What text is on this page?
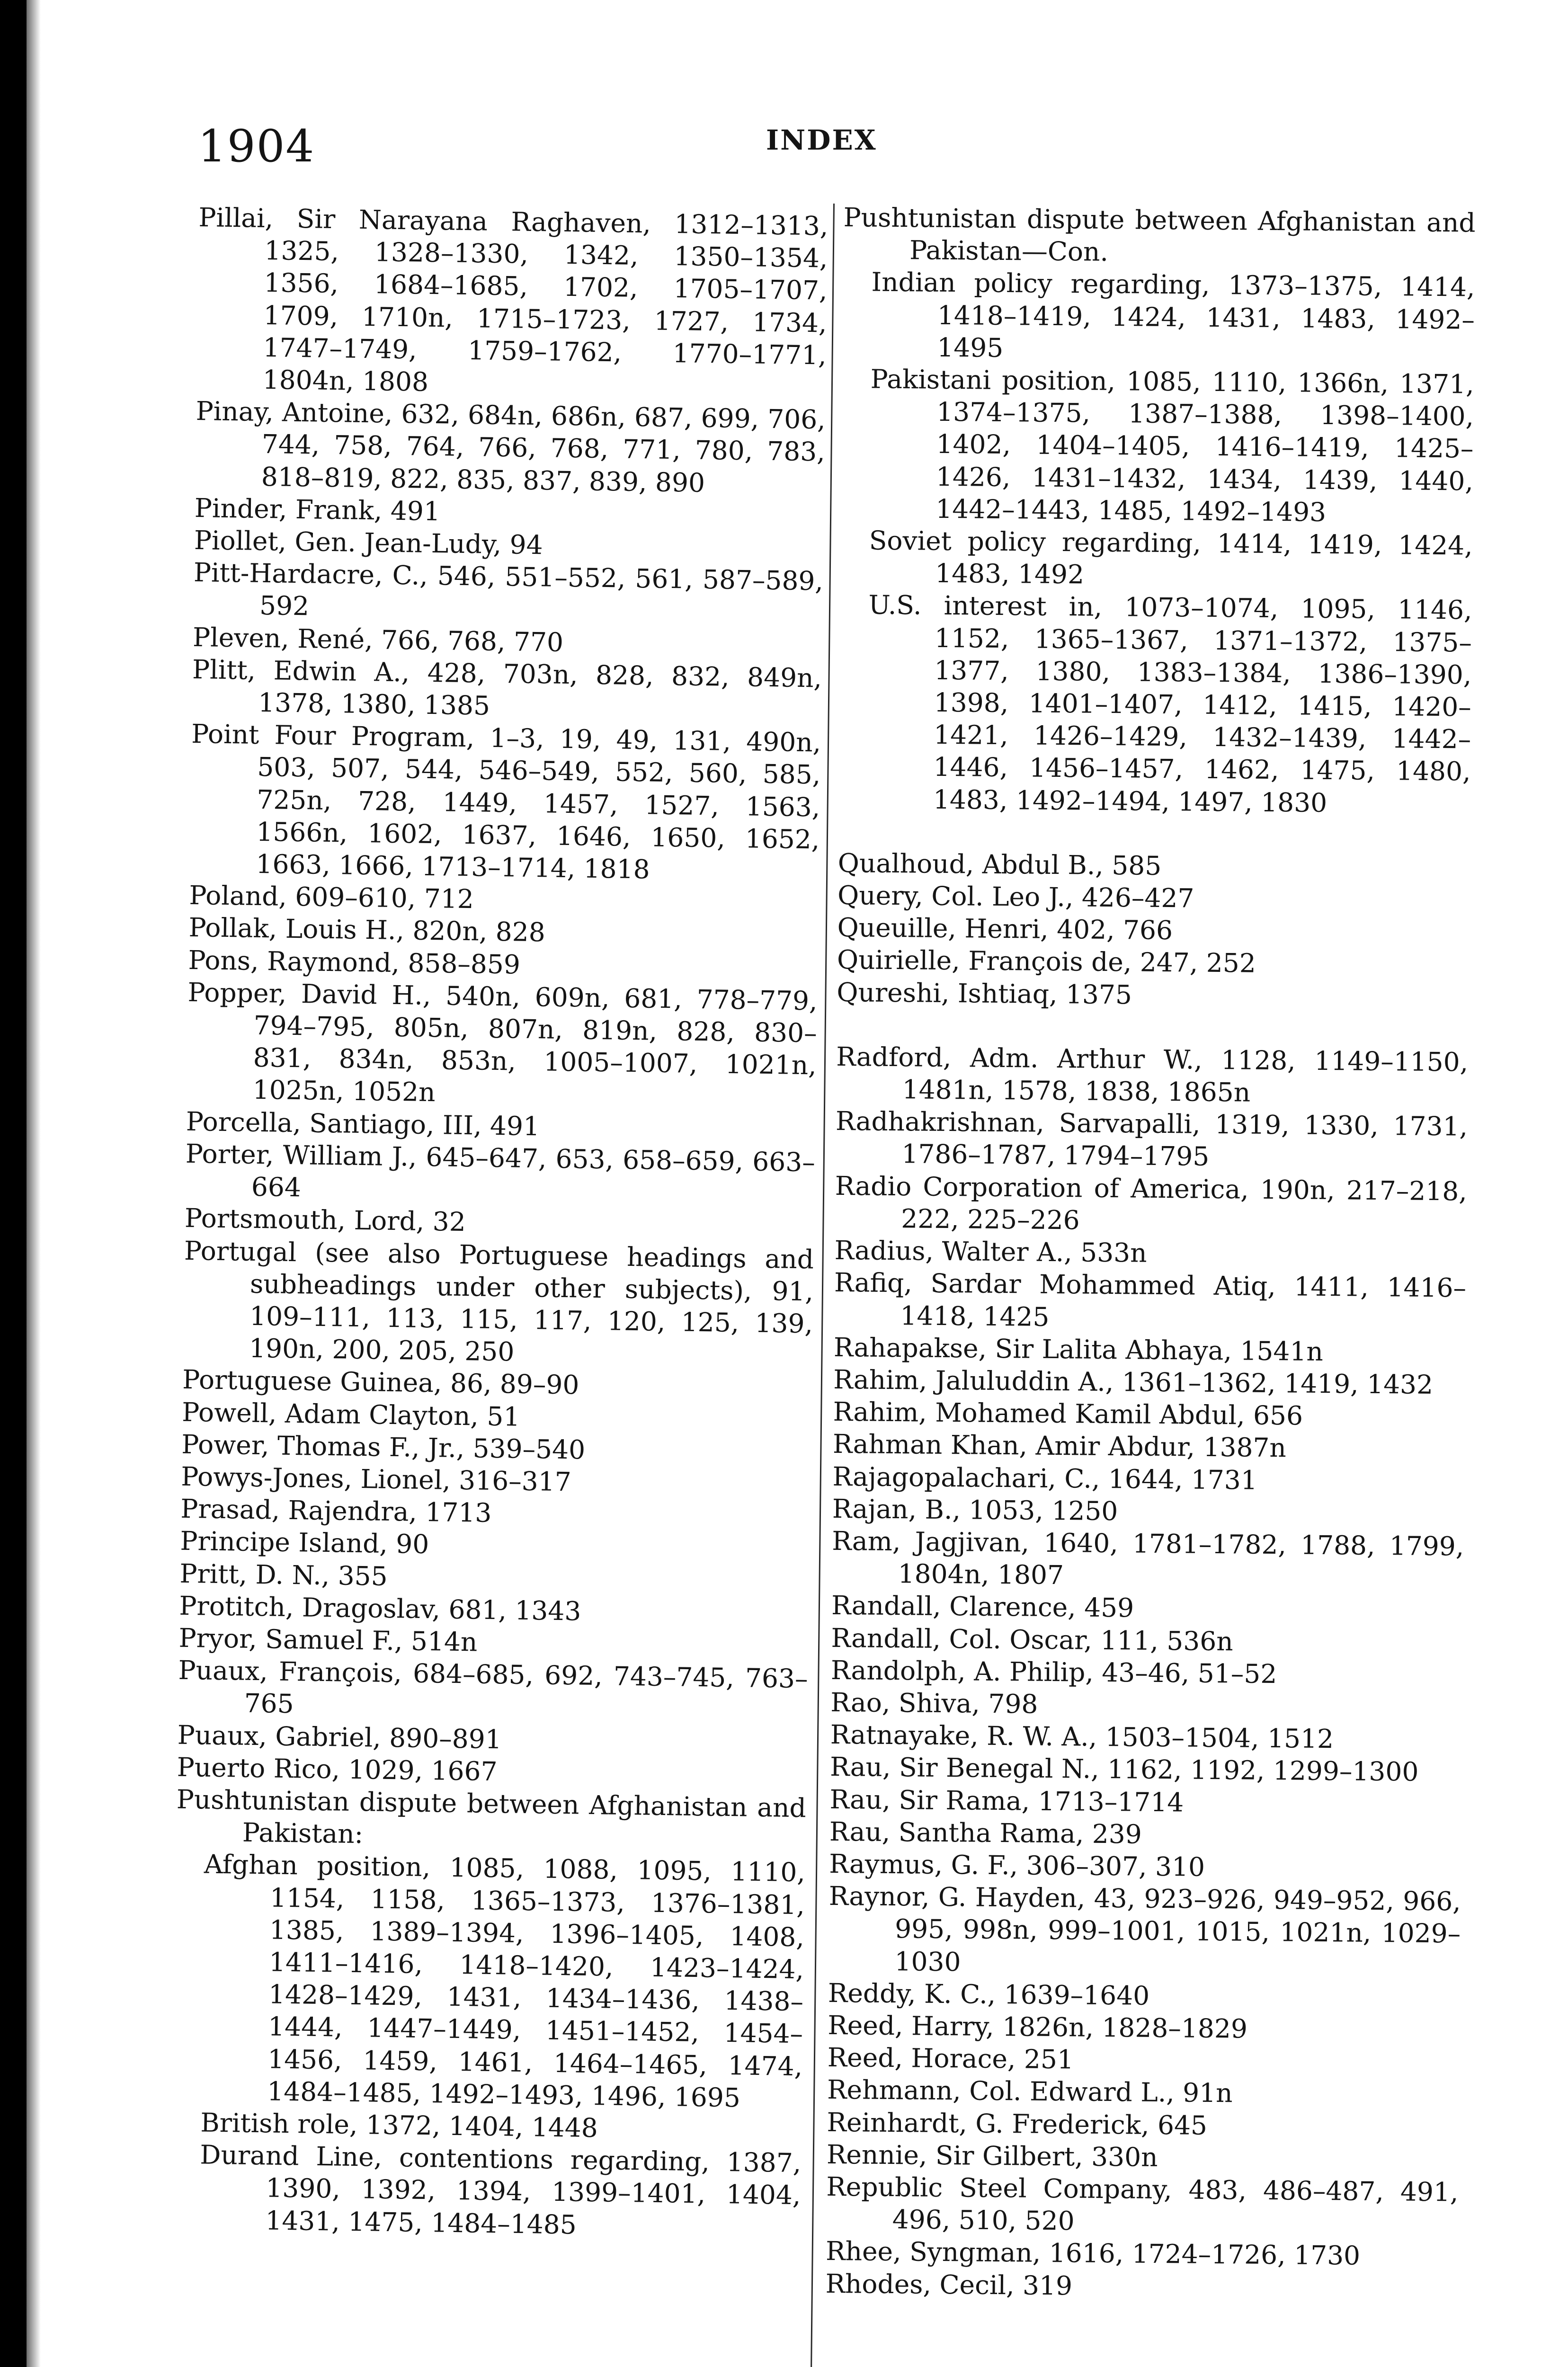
1904	INDEX
Pillai, Sir Narayana Raghaven, 1312–1313, 1325, 1328–1330, 1342, 1350–1354, 1356, 1684–1685, 1702, 1705–1707, 1709, 1710n, 1715–1723, 1727, 1734, 1747–1749, 1759–1762, 1770–1771, 1804n, 1808
Pinay, Antoine, 632, 684n, 686n, 687, 699, 706, 744, 758, 764, 766, 768, 771, 780, 783, 818–819, 822, 835, 837, 839, 890
Pinder, Frank, 491
Piollet, Gen. Jean-Ludy, 94
Pitt-Hardacre, C., 546, 551–552, 561, 587–589, 592
Pleven, René, 766, 768, 770
Plitt, Edwin A., 428, 703n, 828, 832, 849n, 1378, 1380, 1385
Point Four Program, 1–3, 19, 49, 131, 490n, 503, 507, 544, 546–549, 552, 560, 585, 725n, 728, 1449, 1457, 1527, 1563, 1566n, 1602, 1637, 1646, 1650, 1652, 1663, 1666, 1713–1714, 1818
Poland, 609–610, 712
Pollak, Louis H., 820n, 828
Pons, Raymond, 858–859
Popper, David H., 540n, 609n, 681, 778–779, 794–795, 805n, 807n, 819n, 828, 830–831, 834n, 853n, 1005–1007, 1021n, 1025n, 1052n
Porcella, Santiago, III, 491
Porter, William J., 645–647, 653, 658–659, 663–664
Portsmouth, Lord, 32
Portugal (see also Portuguese headings and subheadings under other subjects), 91, 109–111, 113, 115, 117, 120, 125, 139, 190n, 200, 205, 250
Portuguese Guinea, 86, 89–90
Powell, Adam Clayton, 51
Power, Thomas F., Jr., 539–540
Powys-Jones, Lionel, 316–317
Prasad, Rajendra, 1713
Principe Island, 90
Pritt, D. N., 355
Protitch, Dragoslav, 681, 1343
Pryor, Samuel F., 514n
Puaux, François, 684–685, 692, 743–745, 763–765
Puaux, Gabriel, 890–891
Puerto Rico, 1029, 1667
Pushtunistan dispute between Afghanistan and Pakistan:
Afghan position, 1085, 1088, 1095, 1110, 1154, 1158, 1365–1373, 1376–1381, 1385, 1389–1394, 1396–1405, 1408, 1411–1416, 1418–1420, 1423–1424, 1428–1429, 1431, 1434–1436, 1438–1444, 1447–1449, 1451–1452, 1454–1456, 1459, 1461, 1464–1465, 1474, 1484–1485, 1492–1493, 1496, 1695
British role, 1372, 1404, 1448
Durand Line, contentions regarding, 1387, 1390, 1392, 1394, 1399–1401, 1404, 1431, 1475, 1484–1485
Pushtunistan dispute between Afghanistan and Pakistan—Con.
Indian policy regarding, 1373–1375, 1414, 1418–1419, 1424, 1431, 1483, 1492–1495
Pakistani position, 1085, 1110, 1366n, 1371, 1374–1375, 1387–1388, 1398–1400, 1402, 1404–1405, 1416–1419, 1425–1426, 1431–1432, 1434, 1439, 1440, 1442–1443, 1485, 1492–1493
Soviet policy regarding, 1414, 1419, 1424, 1483, 1492
U.S. interest in, 1073–1074, 1095, 1146, 1152, 1365–1367, 1371–1372, 1375–1377, 1380, 1383–1384, 1386–1390, 1398, 1401–1407, 1412, 1415, 1420–1421, 1426–1429, 1432–1439, 1442–1446, 1456–1457, 1462, 1475, 1480, 1483, 1492–1494, 1497, 1830
Qualhoud, Abdul B., 585
Query, Col. Leo J., 426–427
Queuille, Henri, 402, 766
Quirielle, François de, 247, 252
Qureshi, Ishtiaq, 1375
Radford, Adm. Arthur W., 1128, 1149–1150, 1481n, 1578, 1838, 1865n
Radhakrishnan, Sarvapalli, 1319, 1330, 1731, 1786–1787, 1794–1795
Radio Corporation of America, 190n, 217–218, 222, 225–226
Radius, Walter A., 533n
Rafiq, Sardar Mohammed Atiq, 1411, 1416–1418, 1425
Rahapakse, Sir Lalita Abhaya, 1541n
Rahim, Jaluluddin A., 1361–1362, 1419, 1432
Rahim, Mohamed Kamil Abdul, 656
Rahman Khan, Amir Abdur, 1387n
Rajagopalachari, C., 1644, 1731
Rajan, B., 1053, 1250
Ram, Jagjivan, 1640, 1781–1782, 1788, 1799, 1804n, 1807
Randall, Clarence, 459
Randall, Col. Oscar, 111, 536n
Randolph, A. Philip, 43–46, 51–52
Rao, Shiva, 798
Ratnayake, R. W. A., 1503–1504, 1512
Rau, Sir Benegal N., 1162, 1192, 1299–1300
Rau, Sir Rama, 1713–1714
Rau, Santha Rama, 239
Raymus, G. F., 306–307, 310
Raynor, G. Hayden, 43, 923–926, 949–952, 966, 995, 998n, 999–1001, 1015, 1021n, 1029–1030
Reddy, K. C., 1639–1640
Reed, Harry, 1826n, 1828–1829
Reed, Horace, 251
Rehmann, Col. Edward L., 91n
Reinhardt, G. Frederick, 645
Rennie, Sir Gilbert, 330n
Republic Steel Company, 483, 486–487, 491, 496, 510, 520
Rhee, Syngman, 1616, 1724–1726, 1730
Rhodes, Cecil, 319
